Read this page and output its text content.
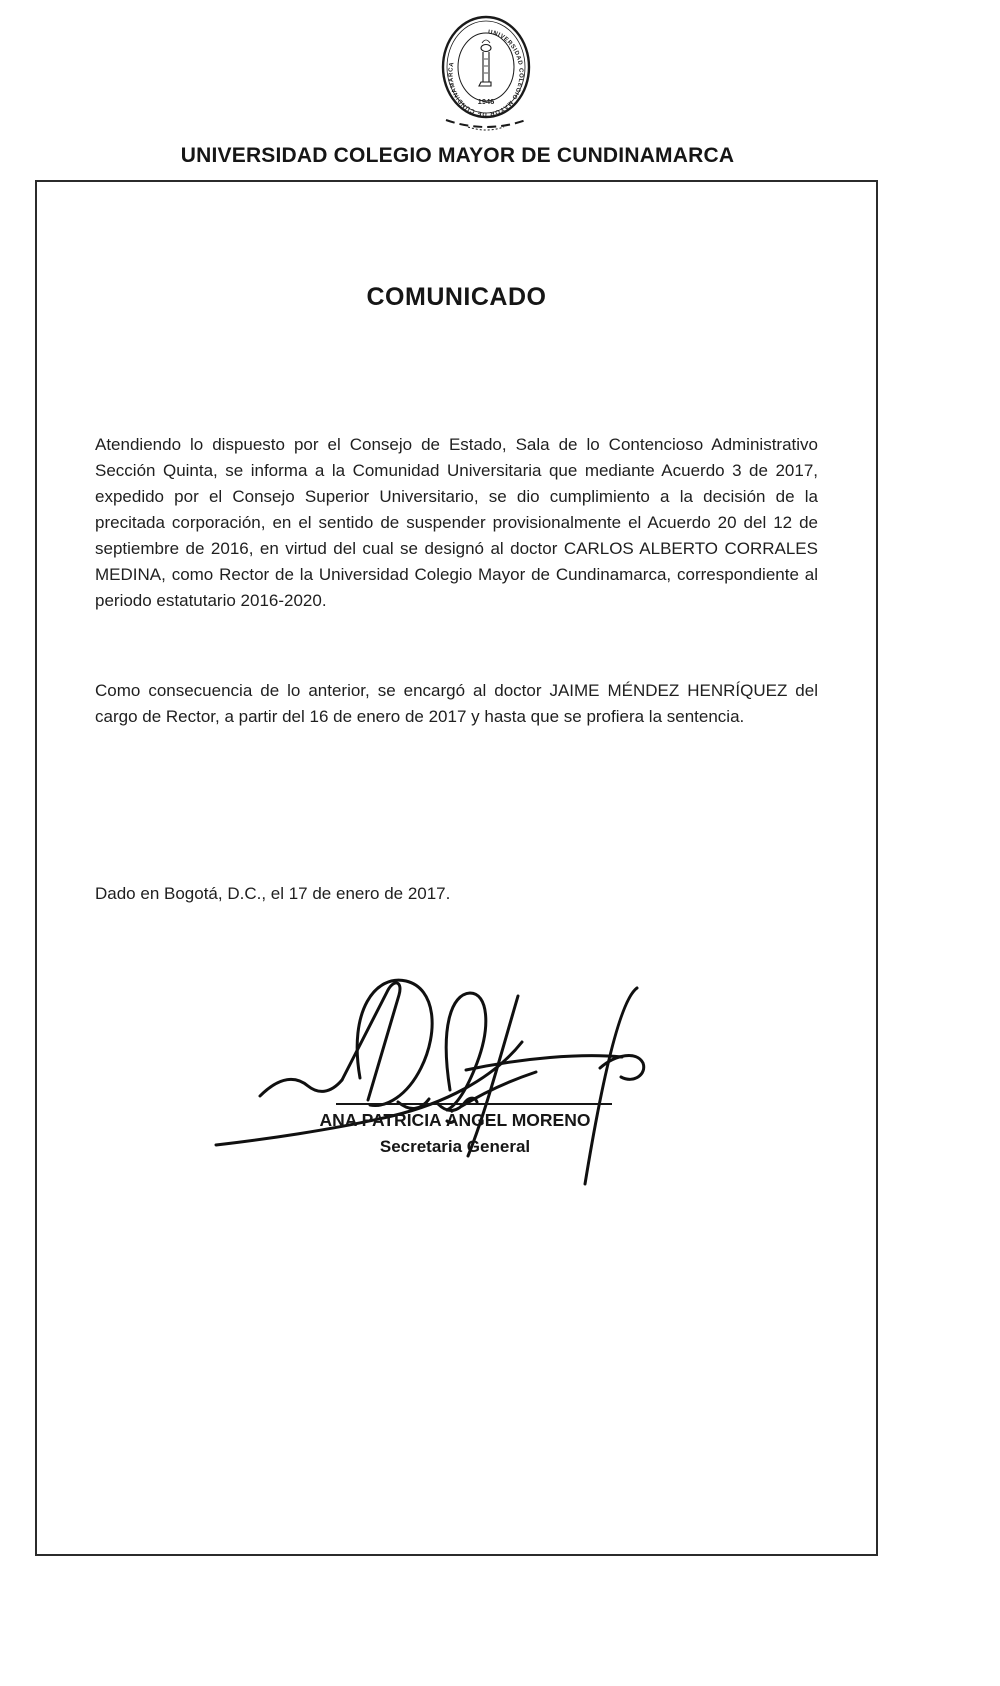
UNIVERSIDAD COLEGIO MAYOR DE CUNDINAMARCA
1946
UNIVERSIDAD COLEGIO MAYOR DE CUNDINAMARCA
COMUNICADO

Atendiendo lo dispuesto por el Consejo de Estado, Sala de lo Contencioso Administrativo Sección Quinta, se informa a la Comunidad Universitaria que mediante Acuerdo 3 de 2017, expedido por el Consejo Superior Universitario, se dio cumplimiento a la decisión de la precitada corporación, en el sentido de suspender provisionalmente el Acuerdo 20 del 12 de septiembre de 2016, en virtud del cual se designó al doctor CARLOS ALBERTO CORRALES MEDINA, como Rector de la Universidad Colegio Mayor de Cundinamarca, correspondiente al periodo estatutario 2016-2020.

Como consecuencia de lo anterior, se encargó al doctor JAIME MÉNDEZ HENRÍQUEZ del cargo de Rector, a partir del 16 de enero de 2017 y hasta que se profiera la sentencia.

Dado en Bogotá, D.C., el 17 de enero de 2017.

ANA PATRICIA ÁNGEL MORENO
Secretaria General
